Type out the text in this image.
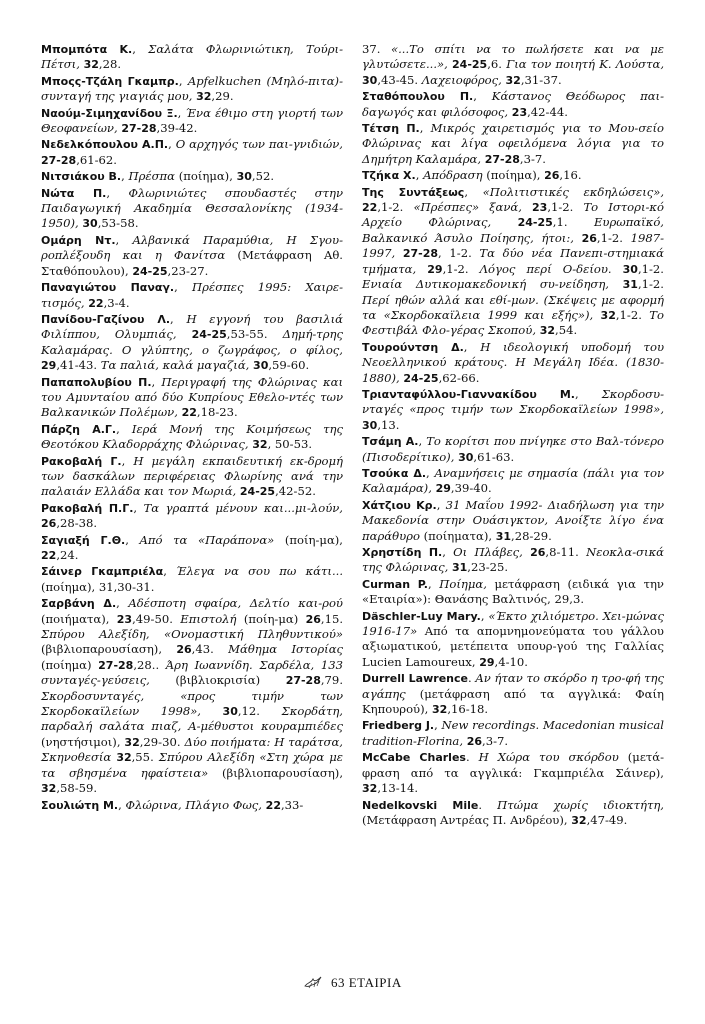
Μπομπότα Κ., Σαλάτα Φλωρινιώτικη, Τούρι-Πέτσι, 32,28.
Μποςς-Τζάλη Γκαμπρ., Apfelkuchen (Μηλό-πιτα)- συνταγή της γιαγιάς μου, 32,29.
Ναούμ-Σιμηχανίδου Ξ., Ένα έθιμο στη γιορτή των Θεοφανείων, 27-28,39-42.
Νεδελκόπουλου Α.Π., Ο αρχηγός των παι-γνιδιών, 27-28,61-62.
Νιτσιάκου Β., Πρέσπα (ποίημα), 30,52.
Νώτα Π., Φλωρινιώτες σπουδαστές στην Παιδαγωγική Ακαδημία Θεσσαλονίκης (1934-1950), 30,53-58.
Ομάρη Ντ., Αλβανικά Παραμύθια, Η Σγου-ροπλέξουδη και η Φανίτσα (Μετάφραση Αθ. Σταθόπουλου), 24-25,23-27.
Παναγιώτου Παναγ., Πρέσπες 1995: Χαιρε-τισμός, 22,3-4.
Πανίδου-Γαζίνου Λ., Η εγγονή του βασιλιά Φιλίππου, Ολυμπιάς, 24-25,53-55. Δημή-τρης Καλαμάρας. Ο γλύπτης, ο ζωγράφος, ο φίλος, 29,41-43. Τα παλιά, καλά μαγαζιά, 30,59-60.
Παπαπολυβίου Π., Περιγραφή της Φλώρινας και του Αμυνταίου από δύο Κυπρίους Εθελο-ντές των Βαλκανικών Πολέμων, 22,18-23.
Πάρζη Α.Γ., Ιερά Μονή της Κοιμήσεως της Θεοτόκου Κλαδορράχης Φλώρινας, 32, 50-53.
Ρακοβαλή Γ., Η μεγάλη εκπαιδευτική εκ-δρομή των δασκάλων περιφέρειας Φλωρίνης ανά την παλαιάν Ελλάδα και τον Μωριά, 24-25,42-52.
Ρακοβαλή Π.Γ., Τα γραπτά μένουν και...μι-λούν, 26,28-38.
Σαγιαξή Γ.Θ., Από τα «Παράπονα» (ποίη-μα), 22,24.
Σάινερ Γκαμπριέλα, Έλεγα να σου πω κάτι... (ποίημα), 31,30-31.
Σαρβάνη Δ., Αδέσποτη σφαίρα, Δελτίο και-ρού (ποιήματα), 23,49-50. Επιστολή (ποίη-μα) 26,15. Σπύρου Αλεξίδη, «Ονομαστική Πληθυντικού» (βιβλιοπαρουσίαση), 26,43. Μάθημα Ιστορίας (ποίημα) 27-28,28.. Άρη Ιωαννίδη. Σαρδέλα, 133 συνταγές-γεύσεις, (βιβλιοκρισία) 27-28,79. Σκορδοσυνταγές, «προς τιμήν των Σκορδοκαϊλείων 1998», 30,12. Σκορδάτη, παρδαλή σαλάτα πιαζ, Α-μέθυστοι κουραμπιέδες (νηστήσιμοι), 32,29-30. Δύο ποιήματα: Η ταράτσα, Σκηνοθεσία 32,55. Σπύρου Αλεξίδη «Στη χώρα με τα σβησμένα ηφαίστεια» (βιβλιοπαρουσίαση), 32,58-59.
Σουλιώτη Μ., Φλώρινα, Πλάγιο Φως, 22,33-
37. «...Το σπίτι να το πωλήσετε και να με γλυτώσετε...», 24-25,6. Για τον ποιητή Κ. Λούστα, 30,43-45. Λαχειοφόρος, 32,31-37.
Σταθόπουλου Π., Κάστανος Θεόδωρος παι-δαγωγός και φιλόσοφος, 23,42-44.
Τέτση Π., Μικρός χαιρετισμός για το Μου-σείο Φλώρινας και λίγα οφειλόμενα λόγια για το Δημήτρη Καλαμάρα, 27-28,3-7.
Τζήκα Χ., Απόδραση (ποίημα), 26,16.
Της Συντάξεως, «Πολιτιστικές εκδηλώσεις», 22,1-2. «Πρέσπες» ξανά, 23,1-2. Το Ιστορι-κό Αρχείο Φλώρινας, 24-25,1. Ευρωπαϊκό, Βαλκανικό Άσυλο Ποίησης, ήτοι:, 26,1-2. 1987-1997, 27-28, 1-2. Τα δύο νέα Πανεπι-στημιακά τμήματα, 29,1-2. Λόγος περί Ο-δείου. 30,1-2. Ενιαία Δυτικομακεδονική συ-νείδηση, 31,1-2. Περί ηθών αλλά και εθί-μων. (Σκέψεις με αφορμή τα «Σκορδοκαϊλεια 1999 και εξής»), 32,1-2. Το Φεστιβάλ Φλο-γέρας Σκοπού, 32,54.
Τουρούντση Δ., Η ιδεολογική υποδομή του Νεοελληνικού κράτους. Η Μεγάλη Ιδέα. (1830-1880), 24-25,62-66.
Τριανταφύλλου-Γιαννακίδου Μ., Σκορδοσυ-νταγές «προς τιμήν των Σκορδοκαϊλείων 1998», 30,13.
Τσάμη Α., Το κορίτσι που πνίγηκε στο Βαλ-τόνερο (Πισοδερίτικο), 30,61-63.
Τσούκα Δ., Αναμνήσεις με σημασία (πάλι για τον Καλαμάρα), 29,39-40.
Χάτζιου Κρ., 31 Μαΐου 1992- Διαδήλωση για την Μακεδονία στην Ουάσιγκτον, Ανοίξτε λίγο ένα παράθυρο (ποίηματα), 31,28-29.
Χρηστίδη Π., Οι Πλάβες, 26,8-11. Νεοκλα-σικά της Φλώρινας, 31,23-25.
Curman P., Ποίημα, μετάφραση (ειδικά για την «Εταιρία»): Θανάσης Βαλτινός, 29,3.
Däschler-Luy Mary., «Έκτο χιλιόμετρο. Χει-μώνας 1916-17» Από τα απομνημονεύματα του γάλλου αξιωματικού, μετέπειτα υπουρ-γού της Γαλλίας Lucien Lamoureux, 29,4-10.
Durrell Lawrence. Αν ήταν το σκόρδο η τρο-φή της αγάπης (μετάφραση από τα αγγλικά: Φαίη Κηπουρού), 32,16-18.
Friedberg J., New recordings. Macedonian musical tradition-Florina, 26,3-7.
McCabe Charles. Η Χώρα του σκόρδου (μετά-φραση από τα αγγλικά: Γκαμπριέλα Σάινερ), 32,13-14.
Nedelkovski Mile. Πτώμα χωρίς ιδιοκτήτη, (Μετάφραση Αντρέας Π. Ανδρέου), 32,47-49.
63 ΕΤΑΙΡΙΑ
